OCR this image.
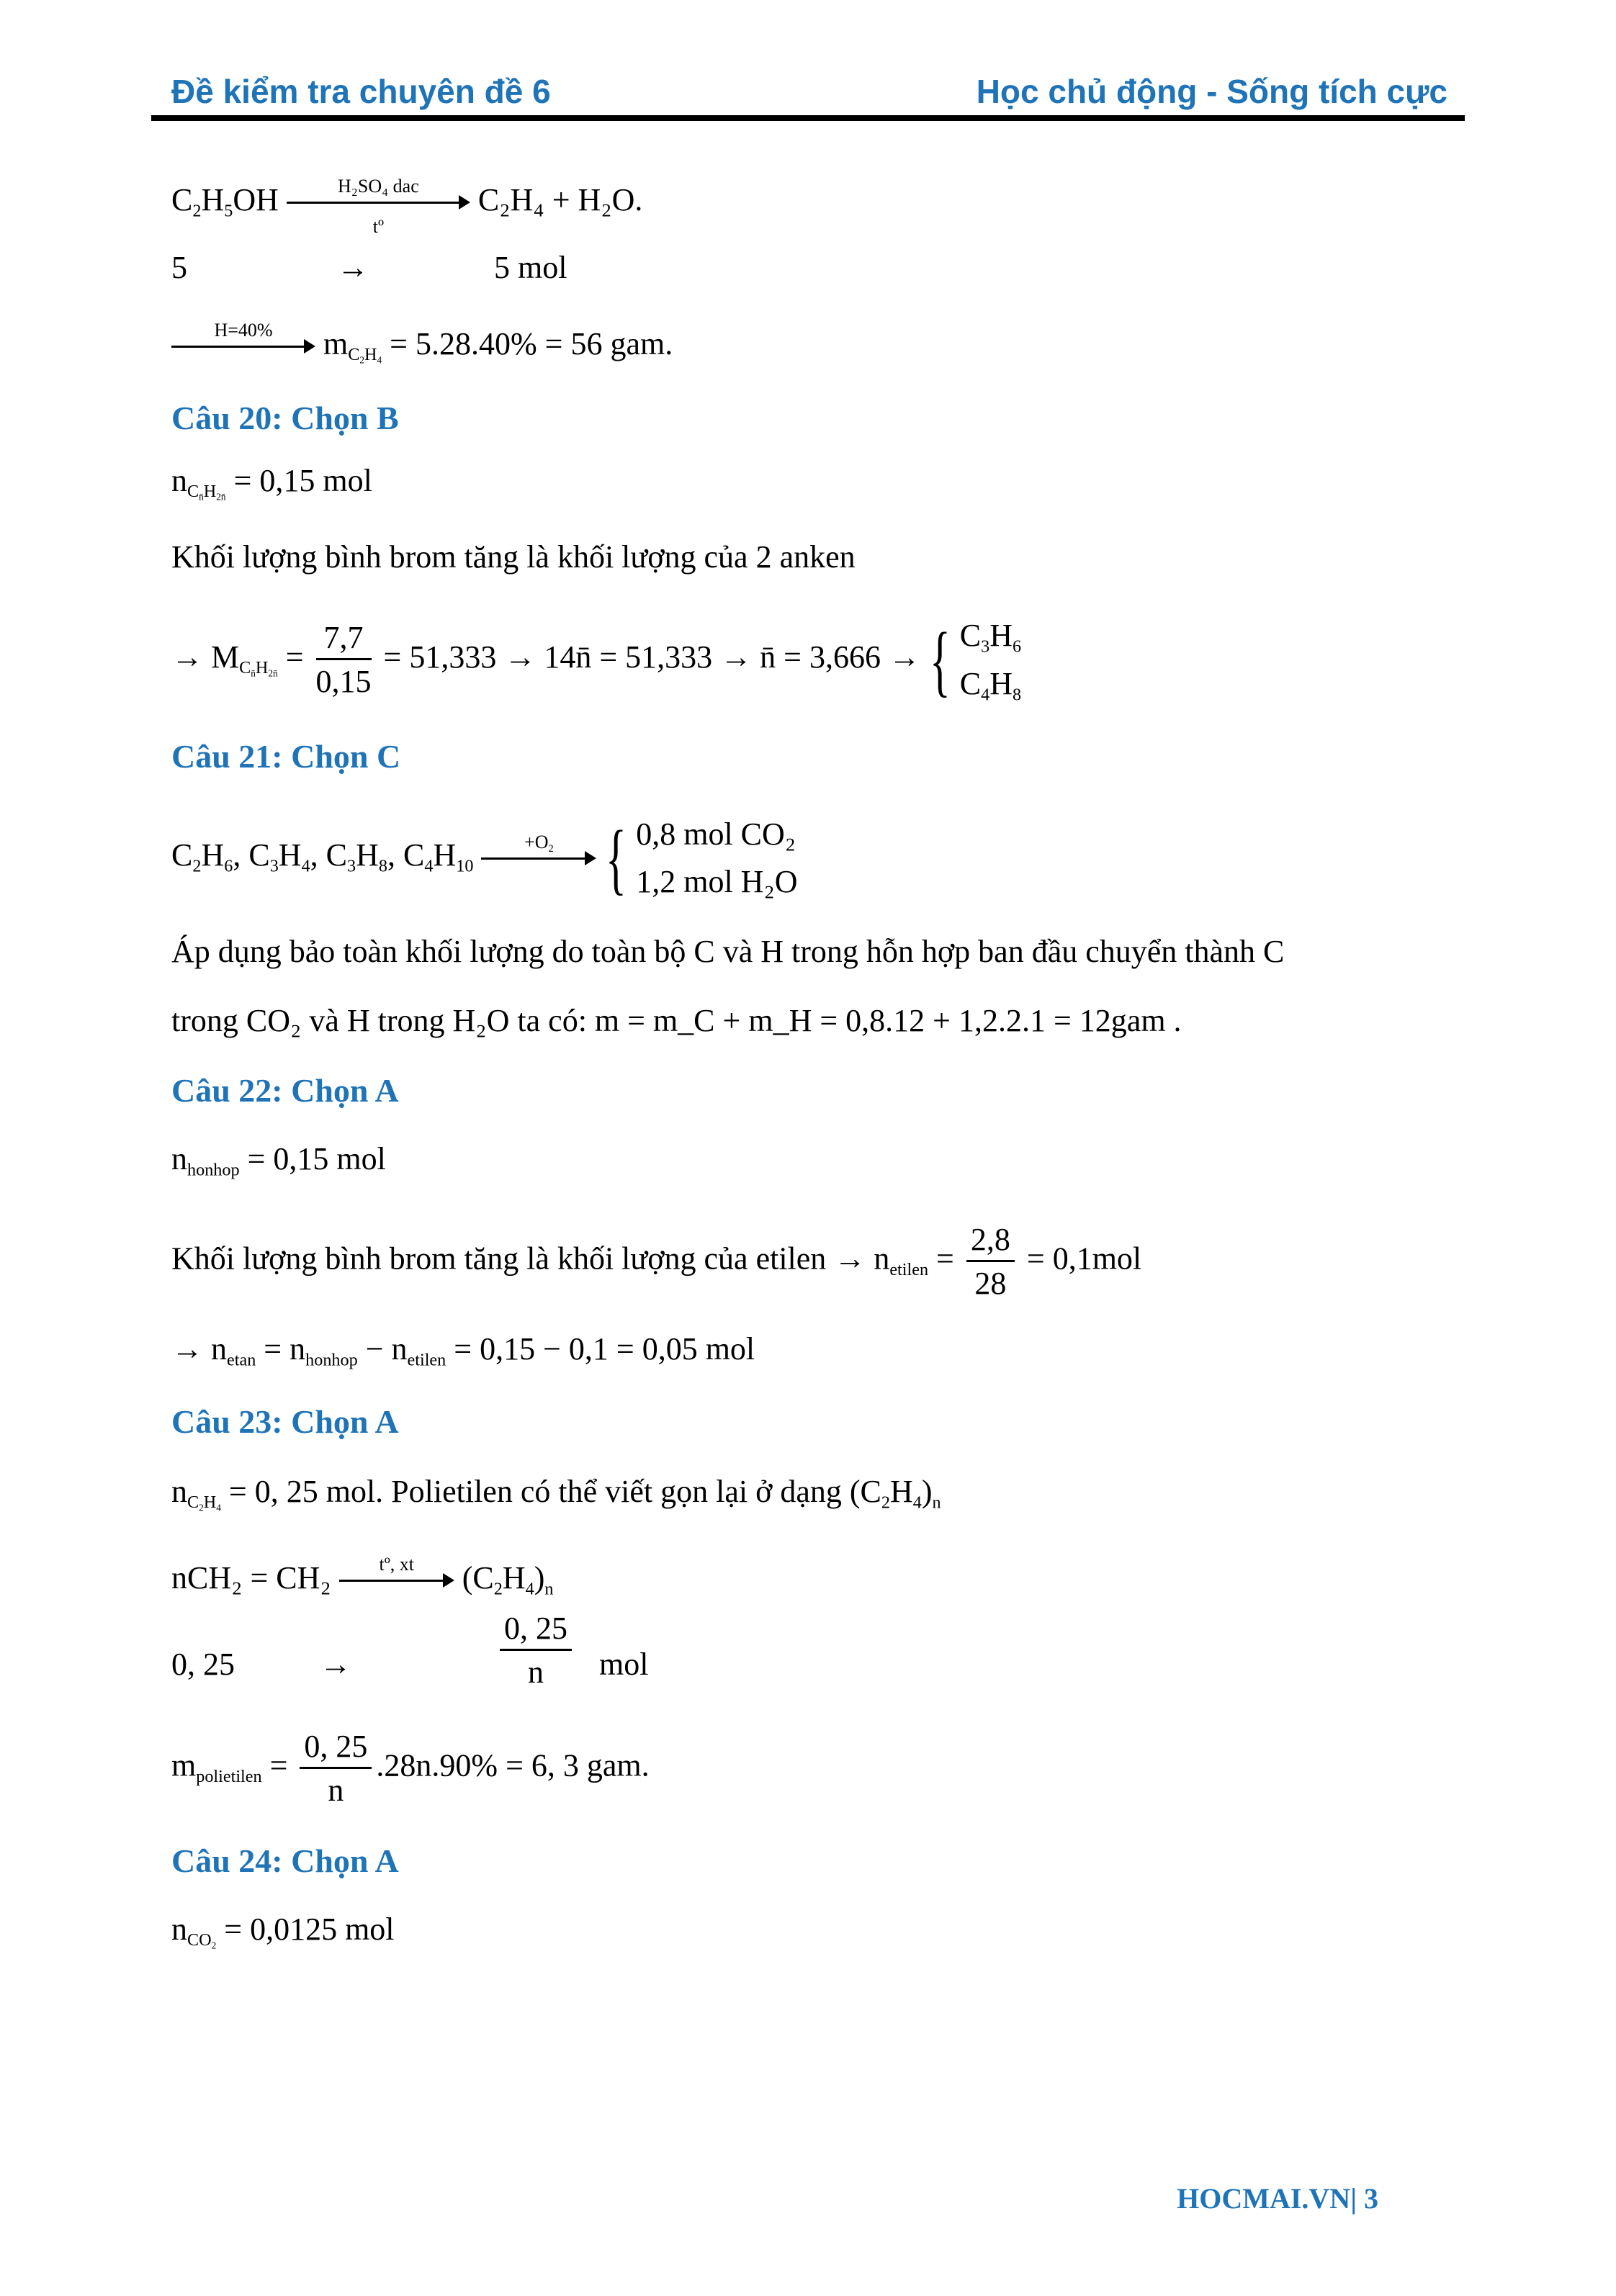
Đề kiểm tra chuyên đề 6	Học chủ động - Sống tích cực
$C_2H_5OH$	H₂SO₄ dac
tº
C₂H₄ + H₂O.
5	→	5 mol
H=40%	$m_{C_2H_4} = 5.28.40\% = 56$ gam.
Câu 20: Chọn B
$n_{C_{n̄}H_{2n̄}} = 0,15$ mol
Khối lượng bình brom tăng là khối lượng của 2 anken
→ $M_{C_{n̄}H_{2n̄}} = \frac{7,7}{0,15} = 51,333$ → 14n̄ = 51,333 → n̄ = 3,666 → { $C_3H_6$
$C_4H_8$
Câu 21: Chọn C
$C_2H_6$, $C_3H_4$, $C_3H_8$, $C_4H_{10}$
$+O_2$ { 0,8 mol CO₂
1,2 mol H₂O
Áp dụng bảo toàn khối lượng do toàn bộ C và H trong hỗn hợp ban đầu chuyển thành C
trong CO₂ và H trong H₂O ta có: m = m_C + m_H = 0,8.12 + 1,2.2.1 = 12gam .
Câu 22: Chọn A
$n_{honhop} = 0,15$ mol
Khối lượng bình brom tăng là khối lượng của etilen → $n_{etilen} = \frac{2,8}{28} = 0,1mol$
→ $n_{etan} = n_{honhop} - n_{etilen} = 0,15 - 0,1 = 0,05$ mol
Câu 23: Chọn A
$n_{C_2H_4} = 0$, 25 mol. Polietilen có thể viết gọn lại ở dạng $(C_2H_4)_n$
nCH₂ = CH₂	tº, xt	$(C_2H_4)_n$
0, 25	→	$\frac{0, 25}{n}$ mol
$m_{polietilen} = \frac{0, 25}{n} .28n.90\% = 6$, 3 gam.
Câu 24: Chọn A
$n_{CO_2} = 0,0125$ mol
HOCMAI.VN| 3
